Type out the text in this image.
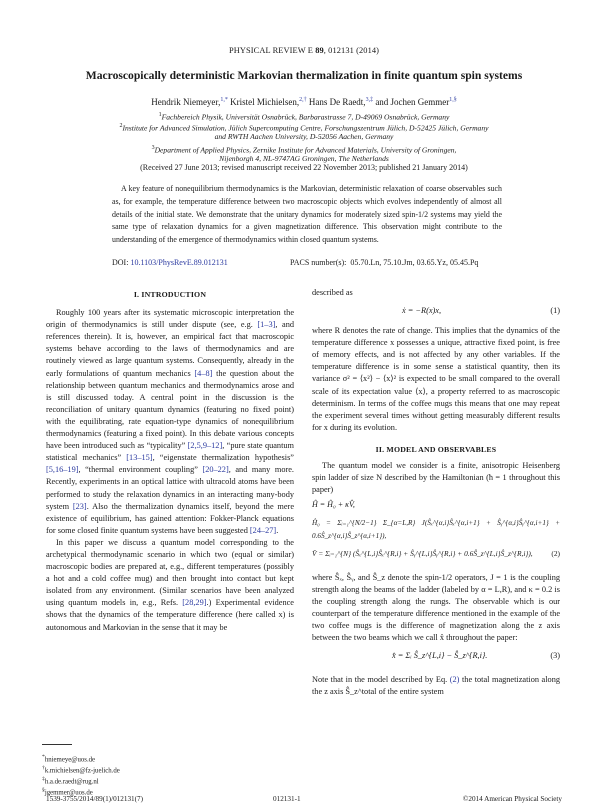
PHYSICAL REVIEW E 89, 012131 (2014)
Macroscopically deterministic Markovian thermalization in finite quantum spin systems
Hendrik Niemeyer,$^{1,*}$ Kristel Michielsen,$^{2,\dagger}$ Hans De Raedt,$^{3,\ddagger}$ and Jochen Gemmer$^{1,\S}$
$^1$Fachbereich Physik, Universität Osnabrück, Barbarastrasse 7, D-49069 Osnabrück, Germany
$^2$Institute for Advanced Simulation, Jülich Supercomputing Centre, Forschungszentrum Jülich, D-52425 Jülich, Germany
and RWTH Aachen University, D-52056 Aachen, Germany
$^3$Department of Applied Physics, Zernike Institute for Advanced Materials, University of Groningen,
Nijenborgh 4, NL-9747AG Groningen, The Netherlands
(Received 27 June 2013; revised manuscript received 22 November 2013; published 21 January 2014)
A key feature of nonequilibrium thermodynamics is the Markovian, deterministic relaxation of coarse observables such as, for example, the temperature difference between two macroscopic objects which evolves independently of almost all details of the initial state. We demonstrate that the unitary dynamics for moderately sized spin-1/2 systems may yield the same type of relaxation dynamics for a given magnetization difference. This observation might contribute to the understanding of the emergence of thermodynamics within closed quantum systems.
DOI: 10.1103/PhysRevE.89.012131	PACS number(s): 05.70.Ln, 75.10.Jm, 03.65.Yz, 05.45.Pq
I. INTRODUCTION

Roughly 100 years after its systematic microscopic interpretation the origin of thermodynamics is still under dispute (see, e.g. [1–3], and references therein). It is, however, an empirical fact that macroscopic systems behave according to the laws of thermodynamics and are routinely viewed as large quantum systems. Consequently, already in the early formulations of quantum mechanics [4–8] the question about the relationship between quantum mechanics and thermodynamics arose and is still discussed today. A central point in the discussion is the reconciliation of unitary quantum dynamics (featuring no fixed point) with the equilibrating, rate equation-type dynamics of nonequilibrium thermodynamics (featuring a fixed point). In this debate various concepts have been introduced such as “typicality” [2,5,9–12], “pure state quantum statistical mechanics” [13–15], “eigenstate thermalization hypothesis” [5,16–19], “thermal environment coupling” [20–22], and many more. Recently, experiments in an optical lattice with ultracold atoms have been performed to study the relaxation dynamics in an interacting many-body system [23]. Also the thermalization dynamics itself, beyond the mere existence of equilibrium, has gained attention: Fokker-Planck equations for some closed finite quantum systems have been suggested [24–27].

In this paper we discuss a quantum model corresponding to the archetypical thermodynamic scenario in which two (equal or similar) macroscopic bodies are prepared at, e.g., different temperatures (possibly a hot and a cold coffee mug) and then brought into contact but kept isolated from any environment. (Similar scenarios have been analyzed using quantum models in, e.g., Refs. [28,29].) Experimental evidence shows that the dynamics of the temperature difference (here called x) is autonomous and Markovian in the sense that it may be

*hniemeye@uos.de
†k.michielsen@fz-juelich.de
‡h.a.de.raedt@rug.nl
§jgemmer@uos.de

described as

ẋ = −R(x)x,	(1)

where R denotes the rate of change. This implies that the dynamics of the temperature difference x possesses a unique, attractive fixed point, is free of memory effects, and is not affected by any other variables. If the temperature difference is in some sense a statistical quantity, then its variance σ² = ⟨x²⟩ − ⟨x⟩² is expected to be small compared to the overall scale of its expectation value ⟨x⟩, a property referred to as macroscopic determinism. In terms of the coffee mugs this means that one may repeat the experiment several times without getting measurably different results for x during its evolution.

II. MODEL AND OBSERVABLES

The quantum model we consider is a finite, anisotropic Heisenberg spin ladder of size N described by the Hamiltonian (ħ = 1 throughout this paper)

Ĥ = Ĥ₀ + κV̂,
Ĥ₀ = Σᵢ₌₁^{N/2−1} Σ_{α=L,R} J(Ŝₓ^{α,i}Ŝₓ^{α,i+1} + Ŝᵧ^{α,i}Ŝᵧ^{α,i+1} + 0.6Ŝ_z^{α,i}Ŝ_z^{α,i+1}),
V̂ = Σᵢ₌₁^{N} (Ŝₓ^{L,i}Ŝₓ^{R,i} + Ŝᵧ^{L,i}Ŝᵧ^{R,i} + 0.6Ŝ_z^{L,i}Ŝ_z^{R,i}),	(2)

where Ŝₓ, Ŝᵧ, and Ŝ_z denote the spin-1/2 operators, J = 1 is the coupling strength along the beams of the ladder (labeled by α = L,R), and κ = 0.2 is the coupling strength along the rungs. The observable which is our counterpart of the temperature difference mentioned in the example of the two coffee mugs is the difference of magnetization along the z axis between the two beams which we call x̂ throughout the paper:

x̂ = Σᵢ Ŝ_z^{L,i} − Ŝ_z^{R,i}.	(3)

Note that in the model described by Eq. (2) the total magnetization along the z axis Ŝ_z^total of the entire system

1539-3755/2014/89(1)/012131(7)	012131-1	©2014 American Physical Society
